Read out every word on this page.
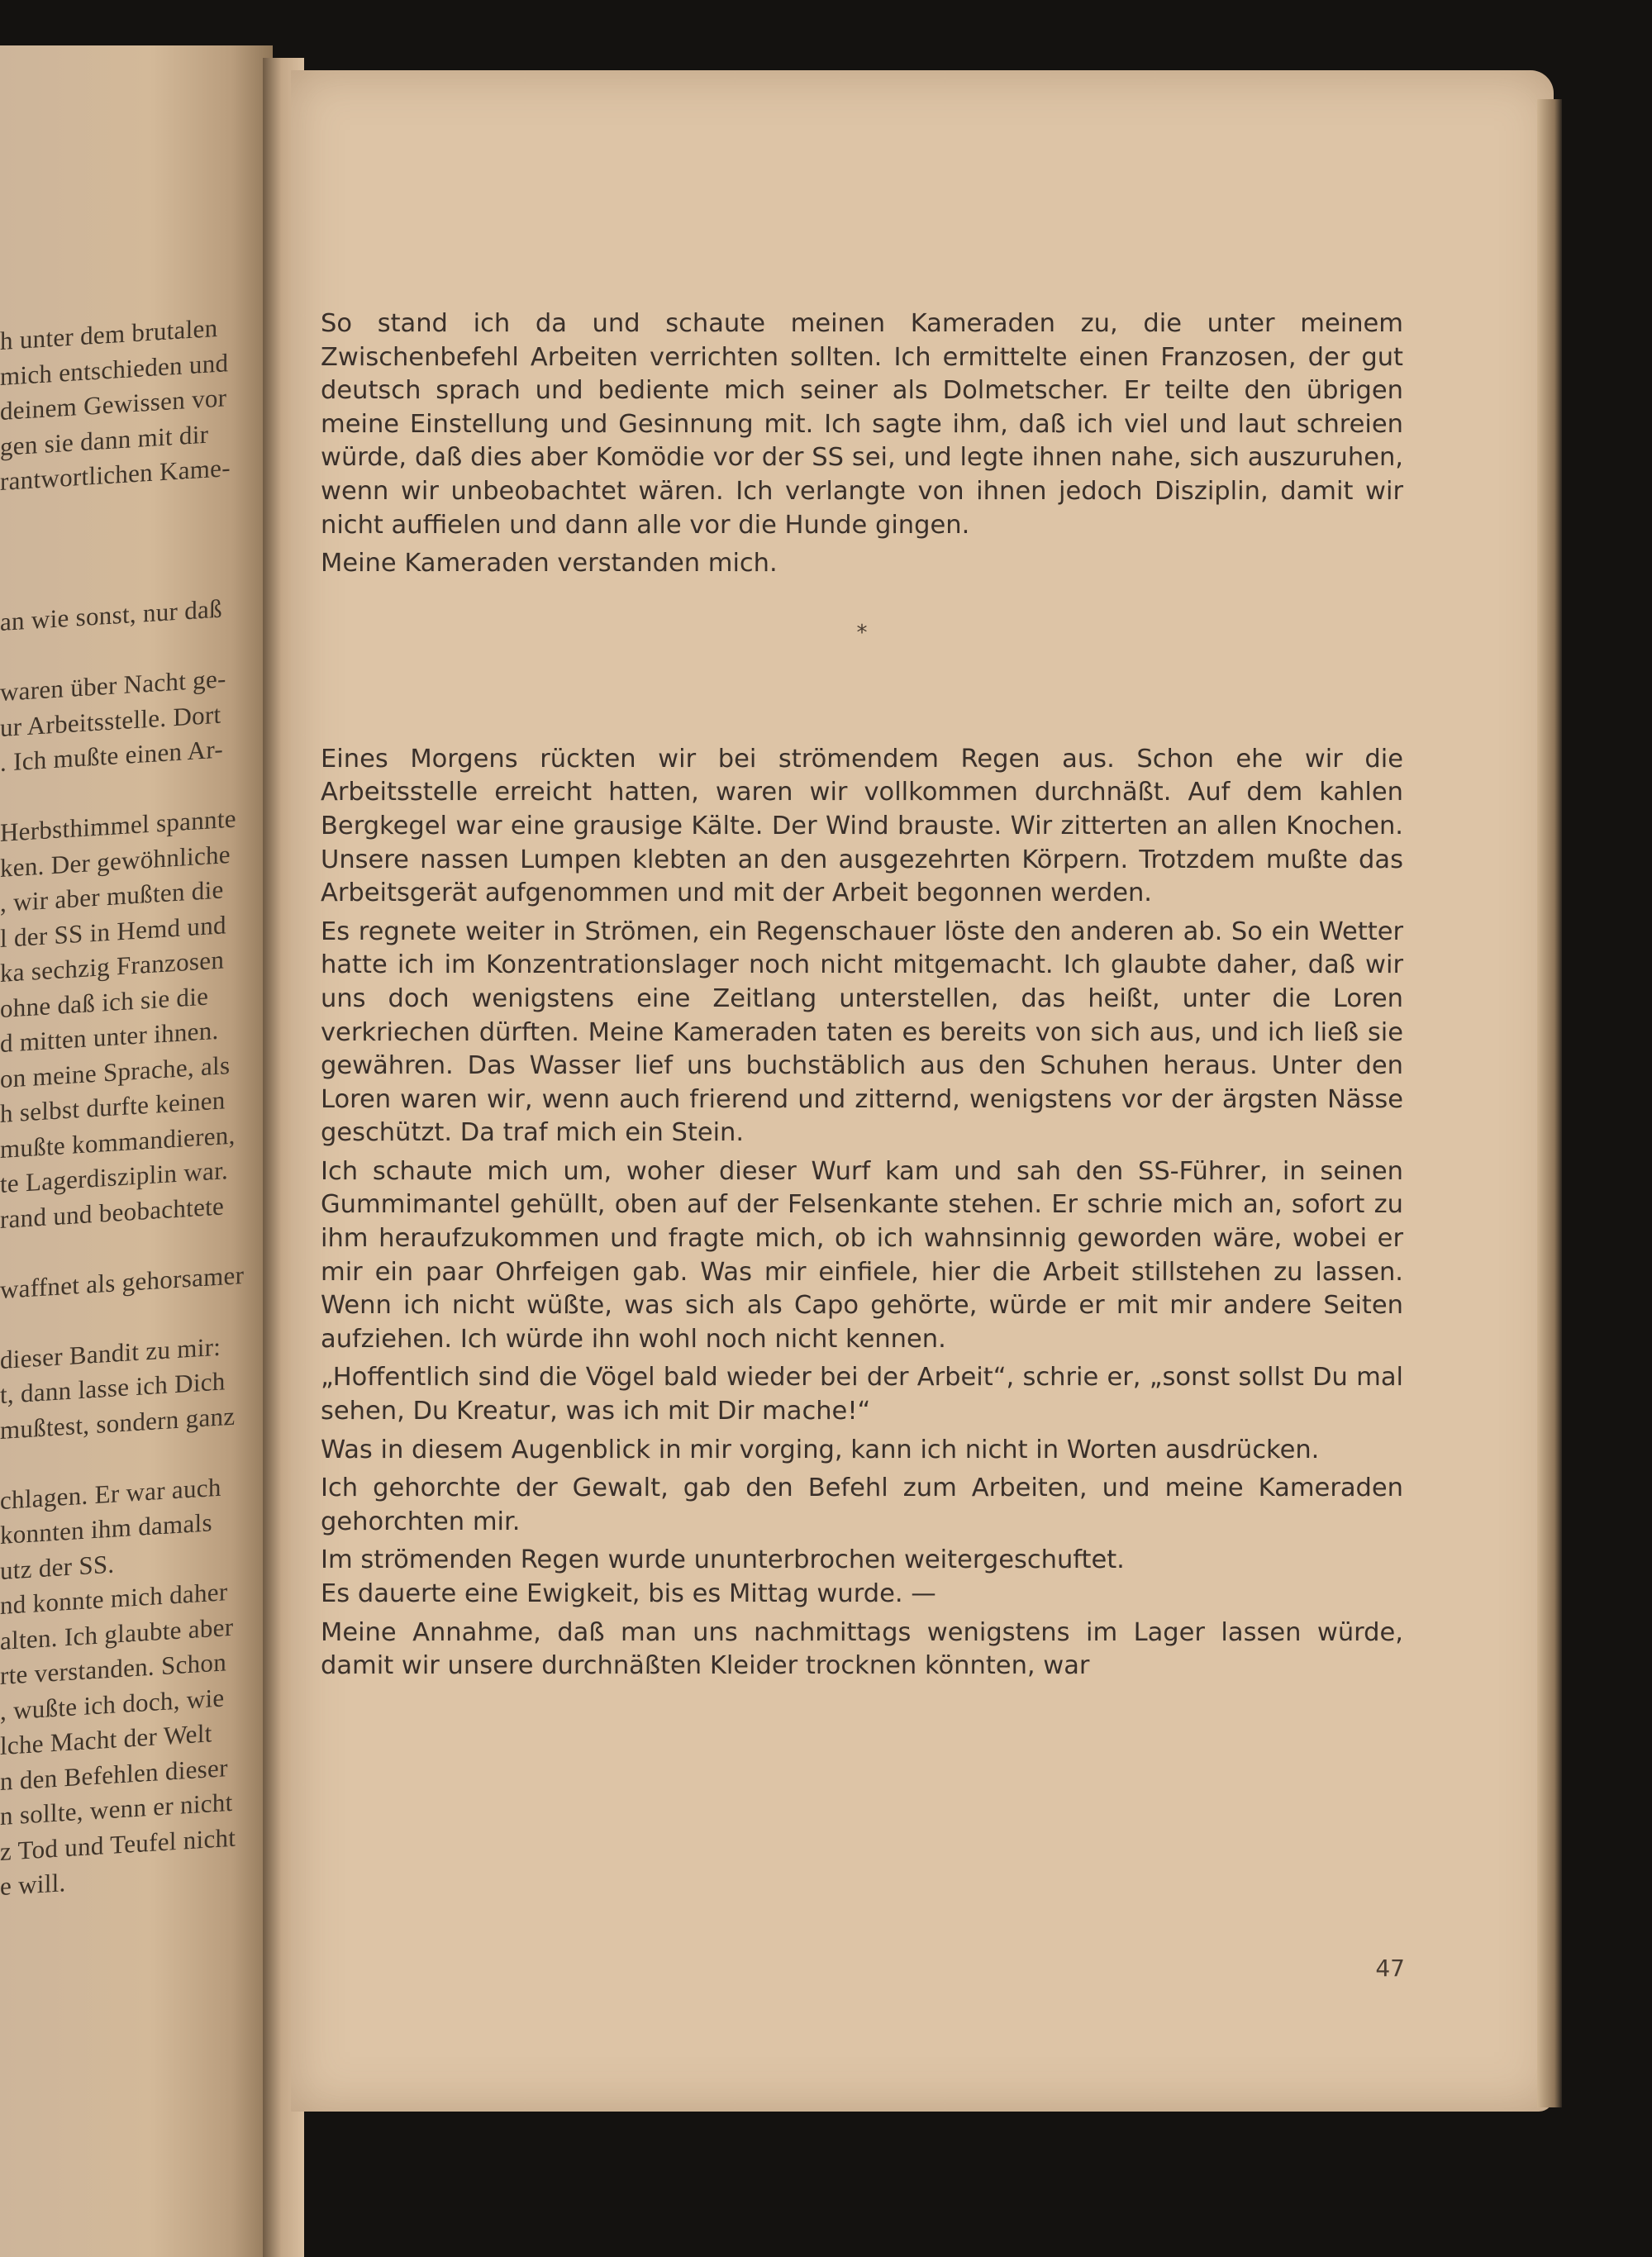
h unter dem brutalen
mich entschieden und
deinem Gewissen vor
gen sie dann mit dir
rantwortlichen Kame-
an wie sonst, nur daß
waren über Nacht ge-
ur Arbeitsstelle. Dort
. Ich mußte einen Ar-
Herbsthimmel spannte
ken. Der gewöhnliche
, wir aber mußten die
l der SS in Hemd und
ka sechzig Franzosen
ohne daß ich sie die
d mitten unter ihnen.
on meine Sprache, als
h selbst durfte keinen
mußte kommandieren,
te Lagerdisziplin war.
rand und beobachtete
waffnet als gehorsamer
dieser Bandit zu mir:
t, dann lasse ich Dich
mußtest, sondern ganz
chlagen. Er war auch
konnten ihm damals
utz der SS.
nd konnte mich daher
alten. Ich glaubte aber
rte verstanden. Schon
, wußte ich doch, wie
lche Macht der Welt
n den Befehlen dieser
n sollte, wenn er nicht
z Tod und Teufel nicht
e will.

So stand ich da und schaute meinen Kameraden zu, die unter meinem Zwischenbefehl Arbeiten verrichten sollten. Ich ermittelte einen Franzosen, der gut deutsch sprach und bediente mich seiner als Dolmetscher. Er teilte den übrigen meine Einstellung und Gesinnung mit. Ich sagte ihm, daß ich viel und laut schreien würde, daß dies aber Komödie vor der SS sei, und legte ihnen nahe, sich auszuruhen, wenn wir unbeobachtet wären. Ich verlangte von ihnen jedoch Disziplin, damit wir nicht auffielen und dann alle vor die Hunde gingen.

Meine Kameraden verstanden mich.

*

Eines Morgens rückten wir bei strömendem Regen aus. Schon ehe wir die Arbeitsstelle erreicht hatten, waren wir vollkommen durchnäßt. Auf dem kahlen Bergkegel war eine grausige Kälte. Der Wind brauste. Wir zitterten an allen Knochen. Unsere nassen Lumpen klebten an den ausgezehrten Körpern. Trotzdem mußte das Arbeitsgerät aufgenommen und mit der Arbeit begonnen werden.

Es regnete weiter in Strömen, ein Regenschauer löste den anderen ab. So ein Wetter hatte ich im Konzentrationslager noch nicht mitgemacht. Ich glaubte daher, daß wir uns doch wenigstens eine Zeitlang unterstellen, das heißt, unter die Loren verkriechen dürften. Meine Kameraden taten es bereits von sich aus, und ich ließ sie gewähren. Das Wasser lief uns buchstäblich aus den Schuhen heraus. Unter den Loren waren wir, wenn auch frierend und zitternd, wenigstens vor der ärgsten Nässe geschützt. Da traf mich ein Stein.

Ich schaute mich um, woher dieser Wurf kam und sah den SS-Führer, in seinen Gummimantel gehüllt, oben auf der Felsenkante stehen. Er schrie mich an, sofort zu ihm heraufzukommen und fragte mich, ob ich wahnsinnig geworden wäre, wobei er mir ein paar Ohrfeigen gab. Was mir einfiele, hier die Arbeit stillstehen zu lassen. Wenn ich nicht wüßte, was sich als Capo gehörte, würde er mit mir andere Seiten aufziehen. Ich würde ihn wohl noch nicht kennen.

„Hoffentlich sind die Vögel bald wieder bei der Arbeit“, schrie er, „sonst sollst Du mal sehen, Du Kreatur, was ich mit Dir mache!“

Was in diesem Augenblick in mir vorging, kann ich nicht in Worten ausdrücken.

Ich gehorchte der Gewalt, gab den Befehl zum Arbeiten, und meine Kameraden gehorchten mir.

Im strömenden Regen wurde ununterbrochen weitergeschuftet.

Es dauerte eine Ewigkeit, bis es Mittag wurde. —

Meine Annahme, daß man uns nachmittags wenigstens im Lager lassen würde, damit wir unsere durchnäßten Kleider trocknen könnten, war

47
